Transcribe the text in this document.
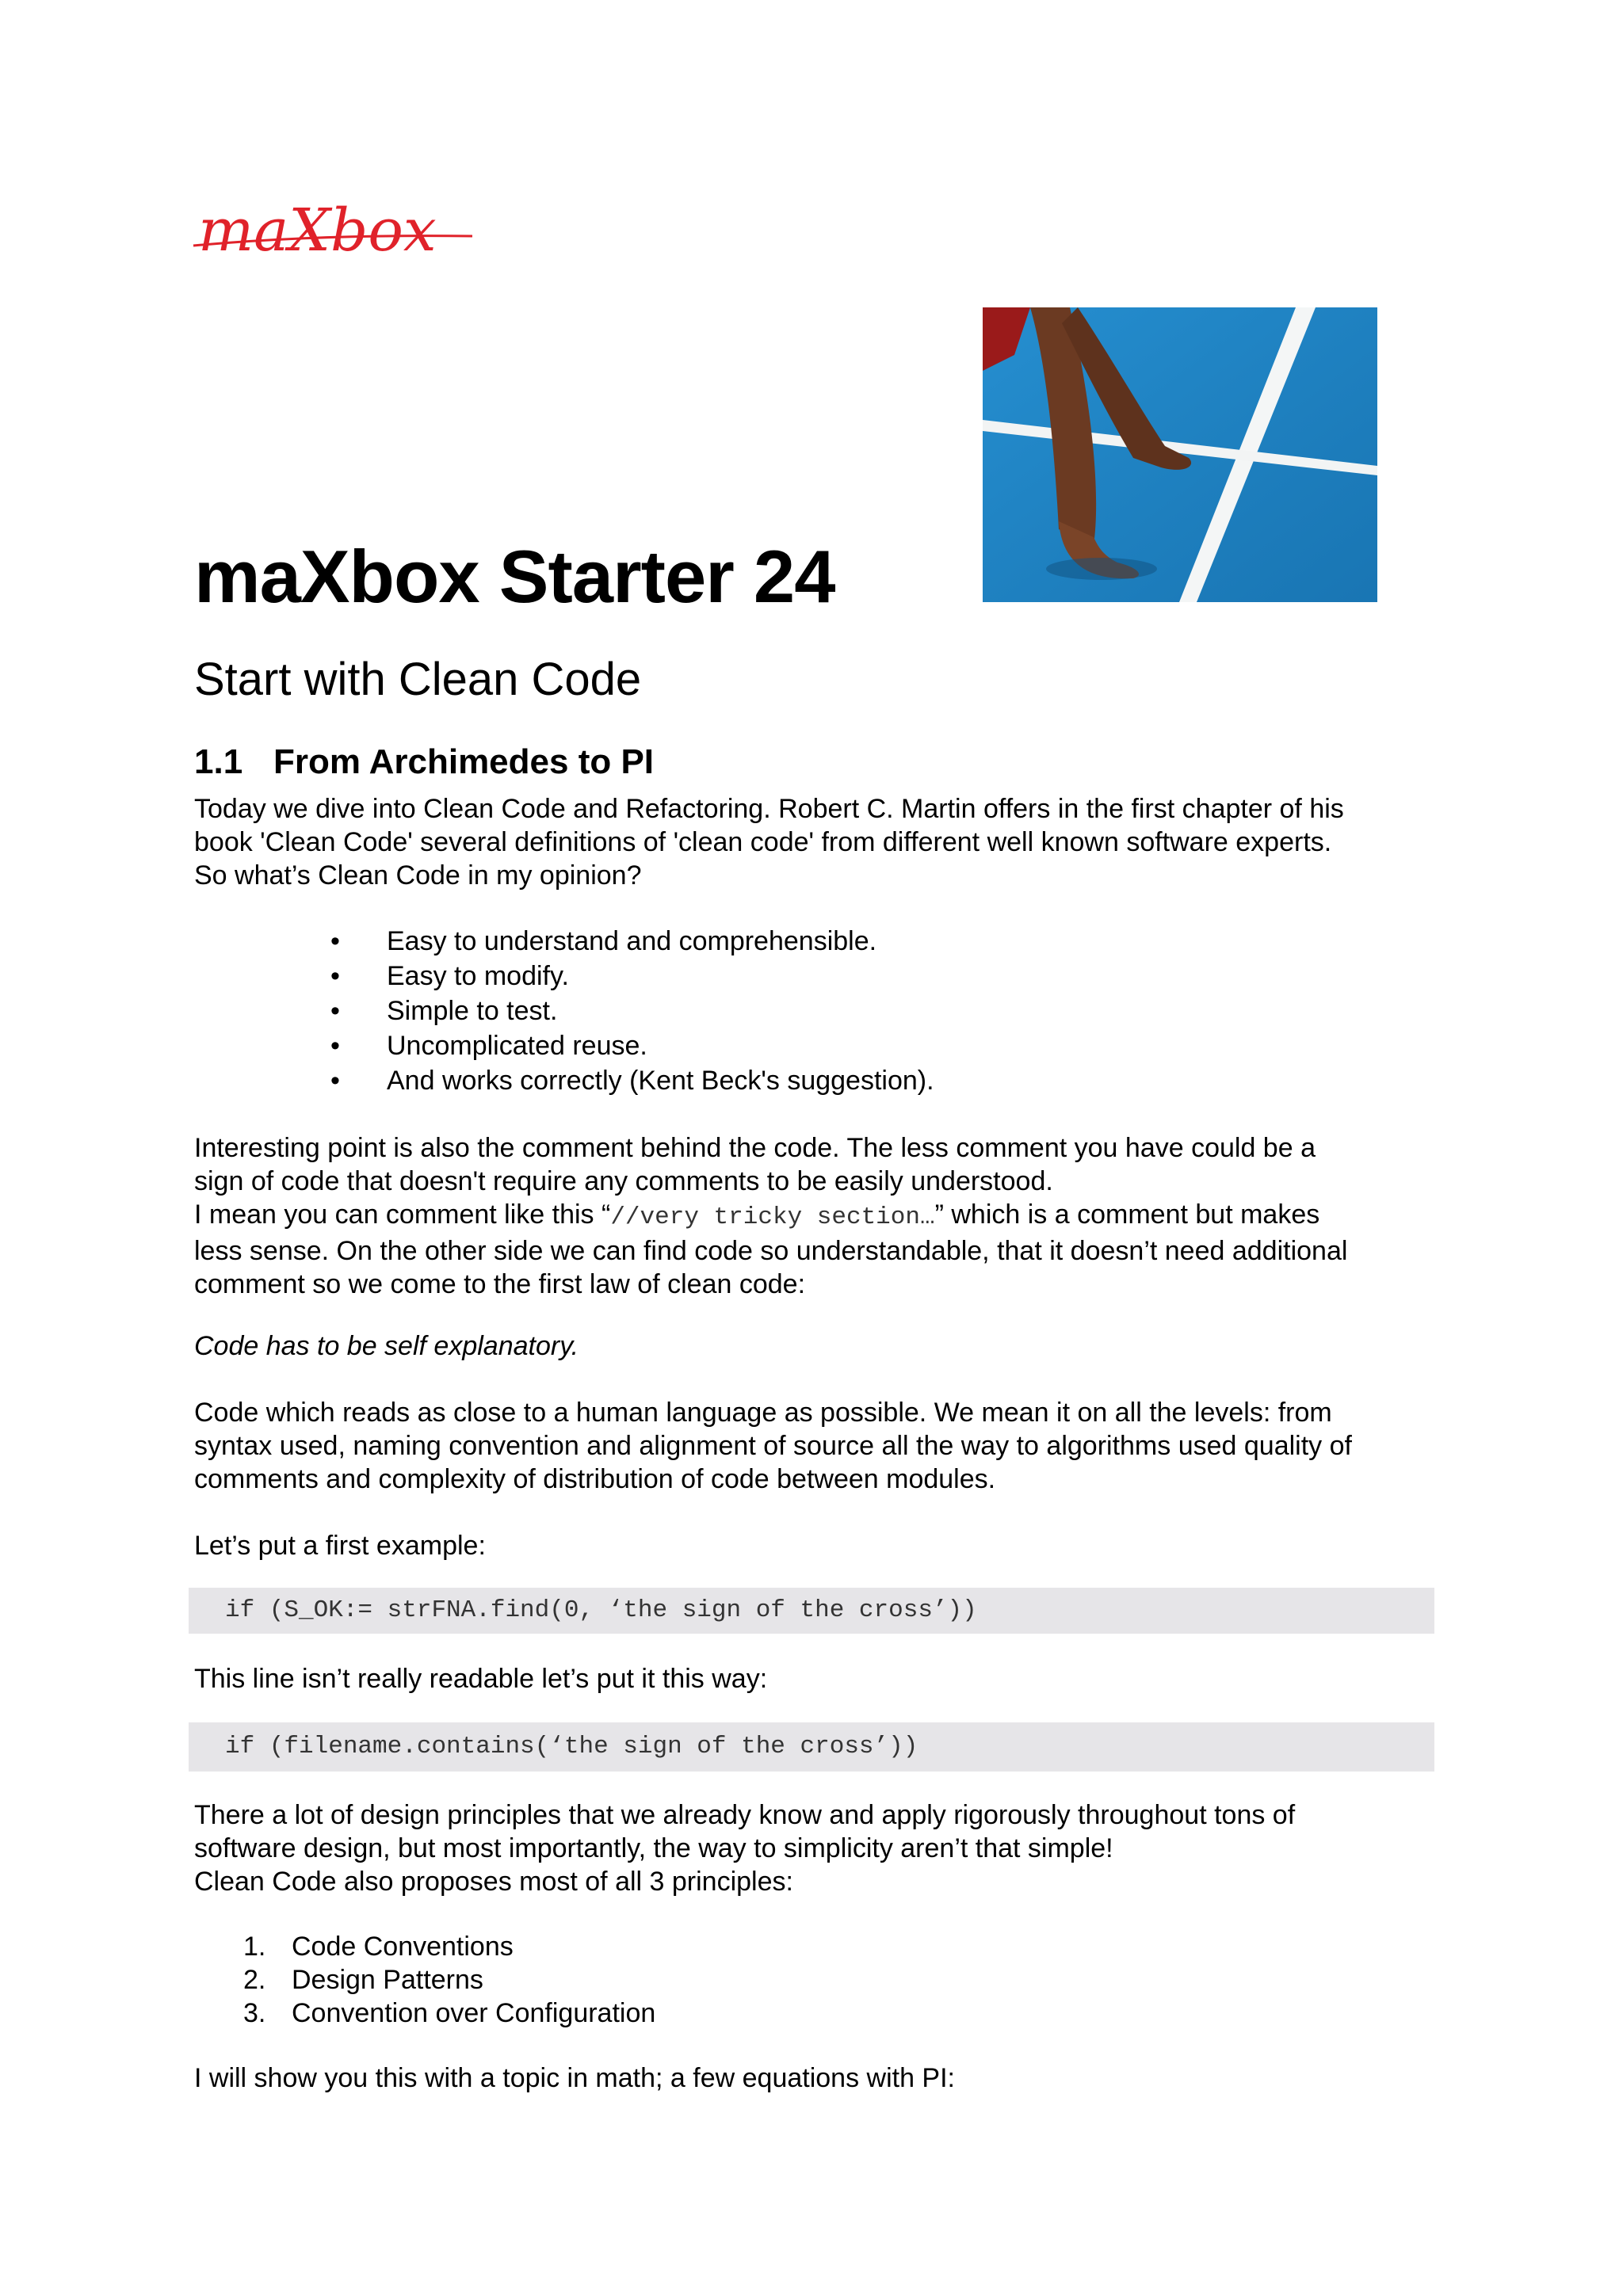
maXbox
maXbox Starter 24
Start with Clean Code
1.1 From Archimedes to PI
Today we dive into Clean Code and Refactoring. Robert C. Martin offers in the first chapter of his
book 'Clean Code' several definitions of 'clean code' from different well known software experts.
So what’s Clean Code in my opinion?
• Easy to understand and comprehensible.
• Easy to modify.
• Simple to test.
• Uncomplicated reuse.
• And works correctly (Kent Beck's suggestion).
Interesting point is also the comment behind the code. The less comment you have could be a
sign of code that doesn't require any comments to be easily understood.
I mean you can comment like this “//very tricky section…” which is a comment but makes
less sense. On the other side we can find code so understandable, that it doesn’t need additional
comment so we come to the first law of clean code:

Code has to be self explanatory.

Code which reads as close to a human language as possible. We mean it on all the levels: from
syntax used, naming convention and alignment of source all the way to algorithms used quality of
comments and complexity of distribution of code between modules.

Let’s put a first example:

if (S_OK:= strFNA.find(0, ‘the sign of the cross’))

This line isn’t really readable let’s put it this way:

if (filename.contains(‘the sign of the cross’))
There a lot of design principles that we already know and apply rigorously throughout tons of
software design, but most importantly, the way to simplicity aren’t that simple!
Clean Code also proposes most of all 3 principles:
1. Code Conventions
2. Design Patterns
3. Convention over Configuration

I will show you this with a topic in math; a few equations with PI:
